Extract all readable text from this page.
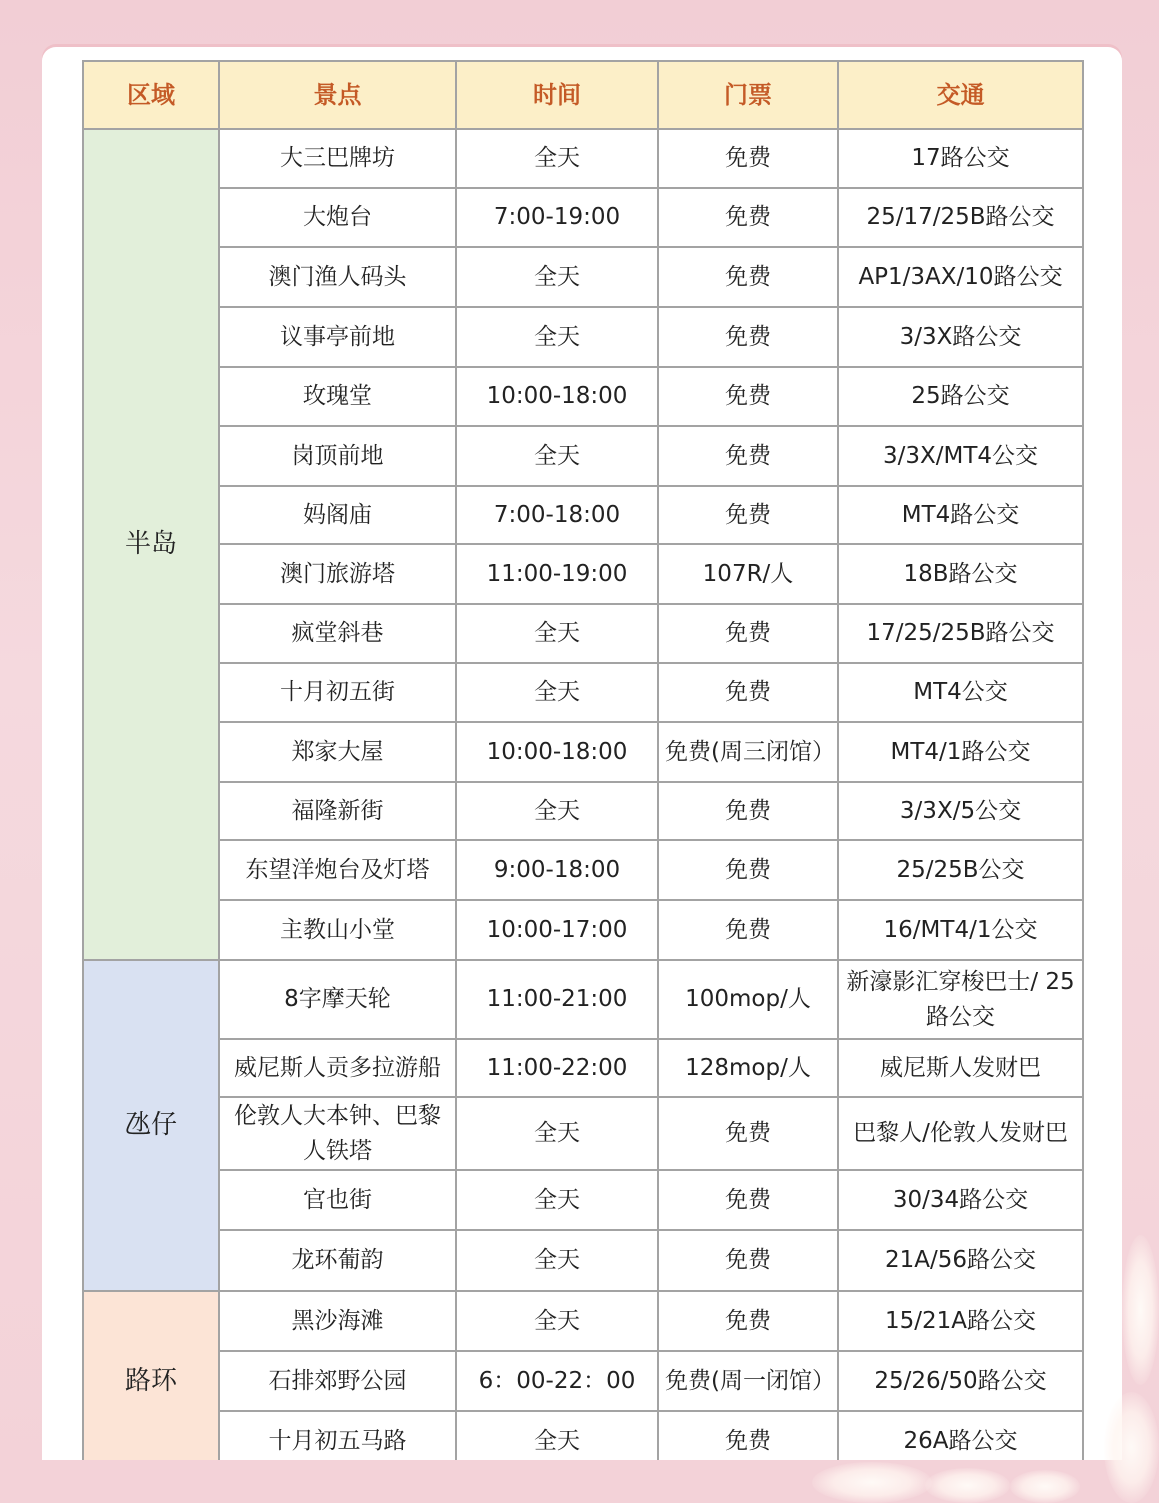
区域	景点	时间	门票	交通
半岛	大三巴牌坊	全天	免费	17路公交
	大炮台	7:00-19:00	免费	25/17/25B路公交
	澳门渔人码头	全天	免费	AP1/3AX/10路公交
	议事亭前地	全天	免费	3/3X路公交
	玫瑰堂	10:00-18:00	免费	25路公交
	岗顶前地	全天	免费	3/3X/MT4公交
	妈阁庙	7:00-18:00	免费	MT4路公交
	澳门旅游塔	11:00-19:00	107R/人	18B路公交
	疯堂斜巷	全天	免费	17/25/25B路公交
	十月初五街	全天	免费	MT4公交
	郑家大屋	10:00-18:00	免费(周三闭馆）	MT4/1路公交
	福隆新街	全天	免费	3/3X/5公交
	东望洋炮台及灯塔	9:00-18:00	免费	25/25B公交
	主教山小堂	10:00-17:00	免费	16/MT4/1公交
氹仔	8字摩天轮	11:00-21:00	100mop/人	新濠影汇穿梭巴士/ 25路公交
	威尼斯人贡多拉游船	11:00-22:00	128mop/人	威尼斯人发财巴
	伦敦人大本钟、巴黎人铁塔	全天	免费	巴黎人/伦敦人发财巴
	官也街	全天	免费	30/34路公交
	龙环葡韵	全天	免费	21A/56路公交
路环	黑沙海滩	全天	免费	15/21A路公交
	石排郊野公园	6：00-22：00	免费(周一闭馆）	25/26/50路公交
	十月初五马路	全天	免费	26A路公交
